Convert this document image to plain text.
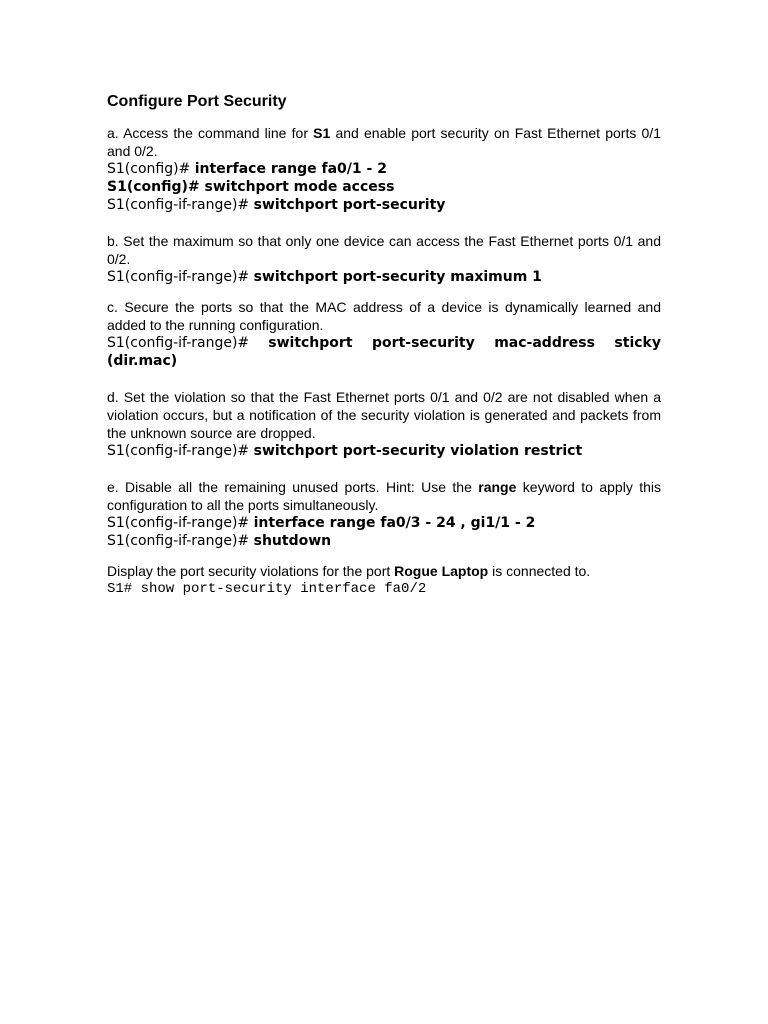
Configure Port Security

a. Access the command line for S1 and enable port security on Fast Ethernet ports 0/1 and 0/2.

S1(config)# interface range fa0/1 - 2

S1(config)# switchport mode access

S1(config-if-range)# switchport port-security

b. Set the maximum so that only one device can access the Fast Ethernet ports 0/1 and 0/2.

S1(config-if-range)# switchport port-security maximum 1

c. Secure the ports so that the MAC address of a device is dynamically learned and added to the running configuration.

S1(config-if-range)# switchport port-security mac-address sticky (dir.mac)

d. Set the violation so that the Fast Ethernet ports 0/1 and 0/2 are not disabled when a violation occurs, but a notification of the security violation is generated and packets from the unknown source are dropped.

S1(config-if-range)# switchport port-security violation restrict

e. Disable all the remaining unused ports. Hint: Use the range keyword to apply this configuration to all the ports simultaneously.

S1(config-if-range)# interface range fa0/3 - 24 , gi1/1 - 2

S1(config-if-range)# shutdown

Display the port security violations for the port Rogue Laptop is connected to.

S1# show port-security interface fa0/2
